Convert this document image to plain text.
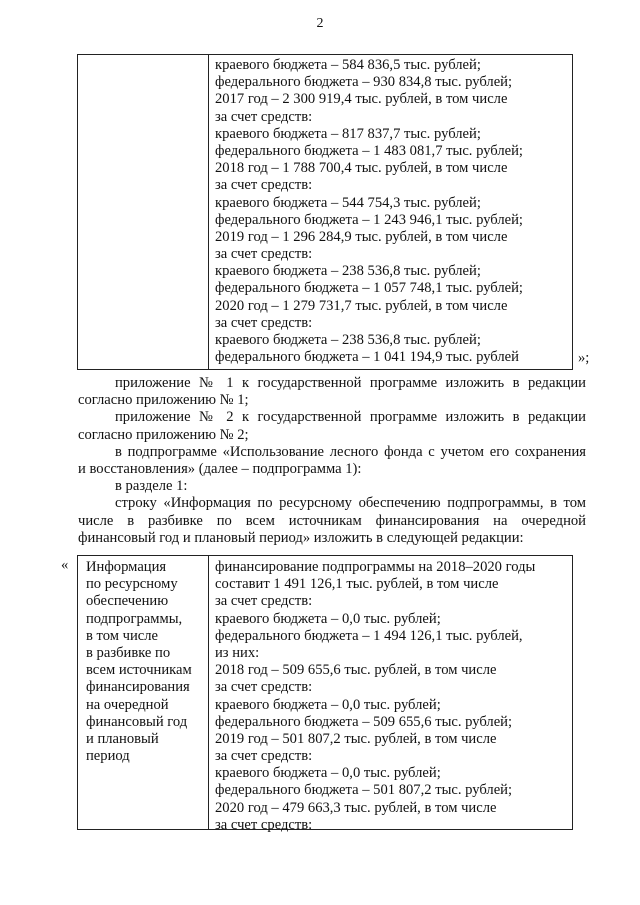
2
краевого бюджета – 584 836,5 тыс. рублей;
федерального бюджета – 930 834,8 тыс. рублей;
2017 год – 2 300 919,4 тыс. рублей, в том числе
за счет средств:
краевого бюджета – 817 837,7 тыс. рублей;
федерального бюджета – 1 483 081,7 тыс. рублей;
2018 год – 1 788 700,4 тыс. рублей, в том числе
за счет средств:
краевого бюджета – 544 754,3 тыс. рублей;
федерального бюджета – 1 243 946,1 тыс. рублей;
2019 год – 1 296 284,9 тыс. рублей, в том числе
за счет средств:
краевого бюджета – 238 536,8 тыс. рублей;
федерального бюджета – 1 057 748,1 тыс. рублей;
2020 год – 1 279 731,7 тыс. рублей, в том числе
за счет средств:
краевого бюджета – 238 536,8 тыс. рублей;
федерального бюджета – 1 041 194,9 тыс. рублей	»;
приложение № 1 к государственной программе изложить в редакции
согласно приложению № 1;
приложение № 2 к государственной программе изложить в редакции
согласно приложению № 2;
в подпрограмме «Использование лесного фонда с учетом его сохранения
и восстановления» (далее – подпрограмма 1):
в разделе 1:
строку «Информация по ресурсному обеспечению подпрограммы, в том
числе в разбивке по всем источникам финансирования на очередной
финансовый год и плановый период» изложить в следующей редакции:
« Информация
по ресурсному
обеспечению
подпрограммы,
в том числе
в разбивке по
всем источникам
финансирования
на очередной
финансовый год
и плановый
период
финансирование подпрограммы на 2018–2020 годы
составит 1 491 126,1 тыс. рублей, в том числе
за счет средств:
краевого бюджета – 0,0 тыс. рублей;
федерального бюджета – 1 494 126,1 тыс. рублей,
из них:
2018 год – 509 655,6 тыс. рублей, в том числе
за счет средств:
краевого бюджета – 0,0 тыс. рублей;
федерального бюджета – 509 655,6 тыс. рублей;
2019 год – 501 807,2 тыс. рублей, в том числе
за счет средств:
краевого бюджета – 0,0 тыс. рублей;
федерального бюджета – 501 807,2 тыс. рублей;
2020 год – 479 663,3 тыс. рублей, в том числе
за счет средств:
